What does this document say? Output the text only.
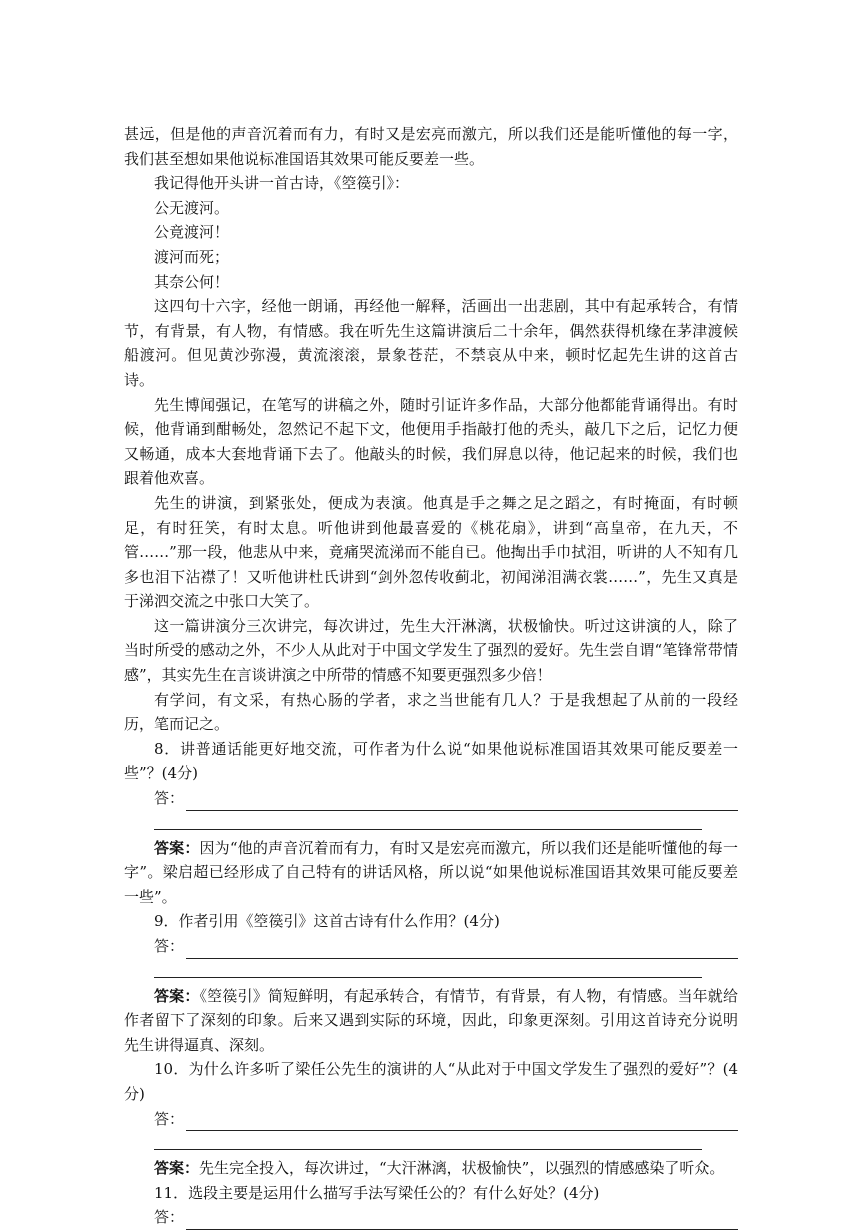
甚远，但是他的声音沉着而有力，有时又是宏亮而激亢，所以我们还是能听懂他的每一字，我们甚至想如果他说标准国语其效果可能反要差一些。

我记得他开头讲一首古诗，《箜篌引》：

公无渡河。

公竟渡河！

渡河而死；

其奈公何！

这四句十六字，经他一朗诵，再经他一解释，活画出一出悲剧，其中有起承转合，有情节，有背景，有人物，有情感。我在听先生这篇讲演后二十余年，偶然获得机缘在茅津渡候船渡河。但见黄沙弥漫，黄流滚滚，景象苍茫，不禁哀从中来，顿时忆起先生讲的这首古诗。

先生博闻强记，在笔写的讲稿之外，随时引证许多作品，大部分他都能背诵得出。有时候，他背诵到酣畅处，忽然记不起下文，他便用手指敲打他的秃头，敲几下之后，记忆力便又畅通，成本大套地背诵下去了。他敲头的时候，我们屏息以待，他记起来的时候，我们也跟着他欢喜。

先生的讲演，到紧张处，便成为表演。他真是手之舞之足之蹈之，有时掩面，有时顿足，有时狂笑，有时太息。听他讲到他最喜爱的《桃花扇》，讲到“高皇帝，在九天，不管……”那一段，他悲从中来，竟痛哭流涕而不能自已。他掏出手巾拭泪，听讲的人不知有几多也泪下沾襟了！又听他讲杜氏讲到“剑外忽传收蓟北，初闻涕泪满衣裳……”，先生又真是于涕泗交流之中张口大笑了。

这一篇讲演分三次讲完，每次讲过，先生大汗淋漓，状极愉快。听过这讲演的人，除了当时所受的感动之外，不少人从此对于中国文学发生了强烈的爱好。先生尝自谓“笔锋常带情感”，其实先生在言谈讲演之中所带的情感不知要更强烈多少倍！

有学问，有文采，有热心肠的学者，求之当世能有几人？于是我想起了从前的一段经历，笔而记之。

8．讲普通话能更好地交流，可作者为什么说“如果他说标准国语其效果可能反要差一些”？(4分)

答：

答案：因为“他的声音沉着而有力，有时又是宏亮而激亢，所以我们还是能听懂他的每一字”。梁启超已经形成了自己特有的讲话风格，所以说“如果他说标准国语其效果可能反要差一些”。

9．作者引用《箜篌引》这首古诗有什么作用？(4分)

答：

答案：《箜篌引》简短鲜明，有起承转合，有情节，有背景，有人物，有情感。当年就给作者留下了深刻的印象。后来又遇到实际的环境，因此，印象更深刻。引用这首诗充分说明先生讲得逼真、深刻。

10．为什么许多听了梁任公先生的演讲的人“从此对于中国文学发生了强烈的爱好”？(4分)

答：

答案：先生完全投入，每次讲过，“大汗淋漓，状极愉快”，以强烈的情感感染了听众。

11．选段主要是运用什么描写手法写梁任公的？有什么好处？(4分)

答：
